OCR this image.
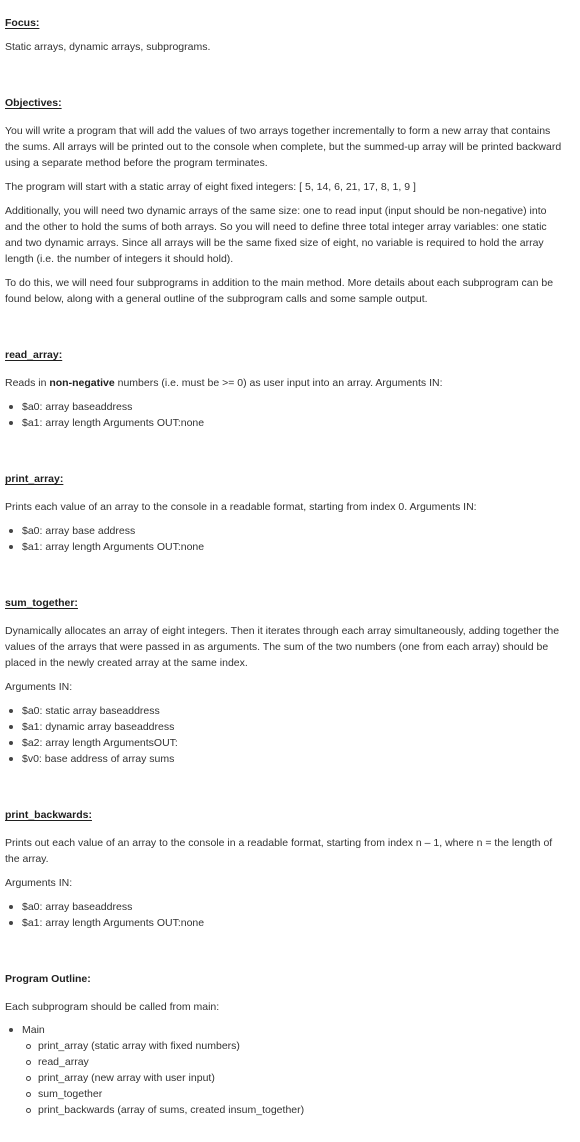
Focus:
Static arrays, dynamic arrays, subprograms.
Objectives:
You will write a program that will add the values of two arrays together incrementally to form a new array that contains the sums. All arrays will be printed out to the console when complete, but the summed-up array will be printed backward using a separate method before the program terminates.
The program will start with a static array of eight fixed integers: [ 5, 14, 6, 21, 17, 8, 1, 9 ]
Additionally, you will need two dynamic arrays of the same size: one to read input (input should be non-negative) into and the other to hold the sums of both arrays. So you will need to define three total integer array variables: one static and two dynamic arrays. Since all arrays will be the same fixed size of eight, no variable is required to hold the array length (i.e. the number of integers it should hold).
To do this, we will need four subprograms in addition to the main method. More details about each subprogram can be found below, along with a general outline of the subprogram calls and some sample output.
read_array:
Reads in non-negative numbers (i.e. must be >= 0) as user input into an array. Arguments IN:
$a0: array baseaddress
$a1: array length Arguments OUT:none
print_array:
Prints each value of an array to the console in a readable format, starting from index 0. Arguments IN:
$a0: array base address
$a1: array length Arguments OUT:none
sum_together:
Dynamically allocates an array of eight integers. Then it iterates through each array simultaneously, adding together the values of the arrays that were passed in as arguments. The sum of the two numbers (one from each array) should be placed in the newly created array at the same index.
Arguments IN:
$a0: static array baseaddress
$a1: dynamic array baseaddress
$a2: array length ArgumentsOUT:
$v0: base address of array sums
print_backwards:
Prints out each value of an array to the console in a readable format, starting from index n – 1, where n = the length of the array.
Arguments IN:
$a0: array baseaddress
$a1: array length Arguments OUT:none
Program Outline:
Each subprogram should be called from main:
Main
print_array (static array with fixed numbers)
read_array
print_array (new array with user input)
sum_together
print_backwards (array of sums, created insum_together)
